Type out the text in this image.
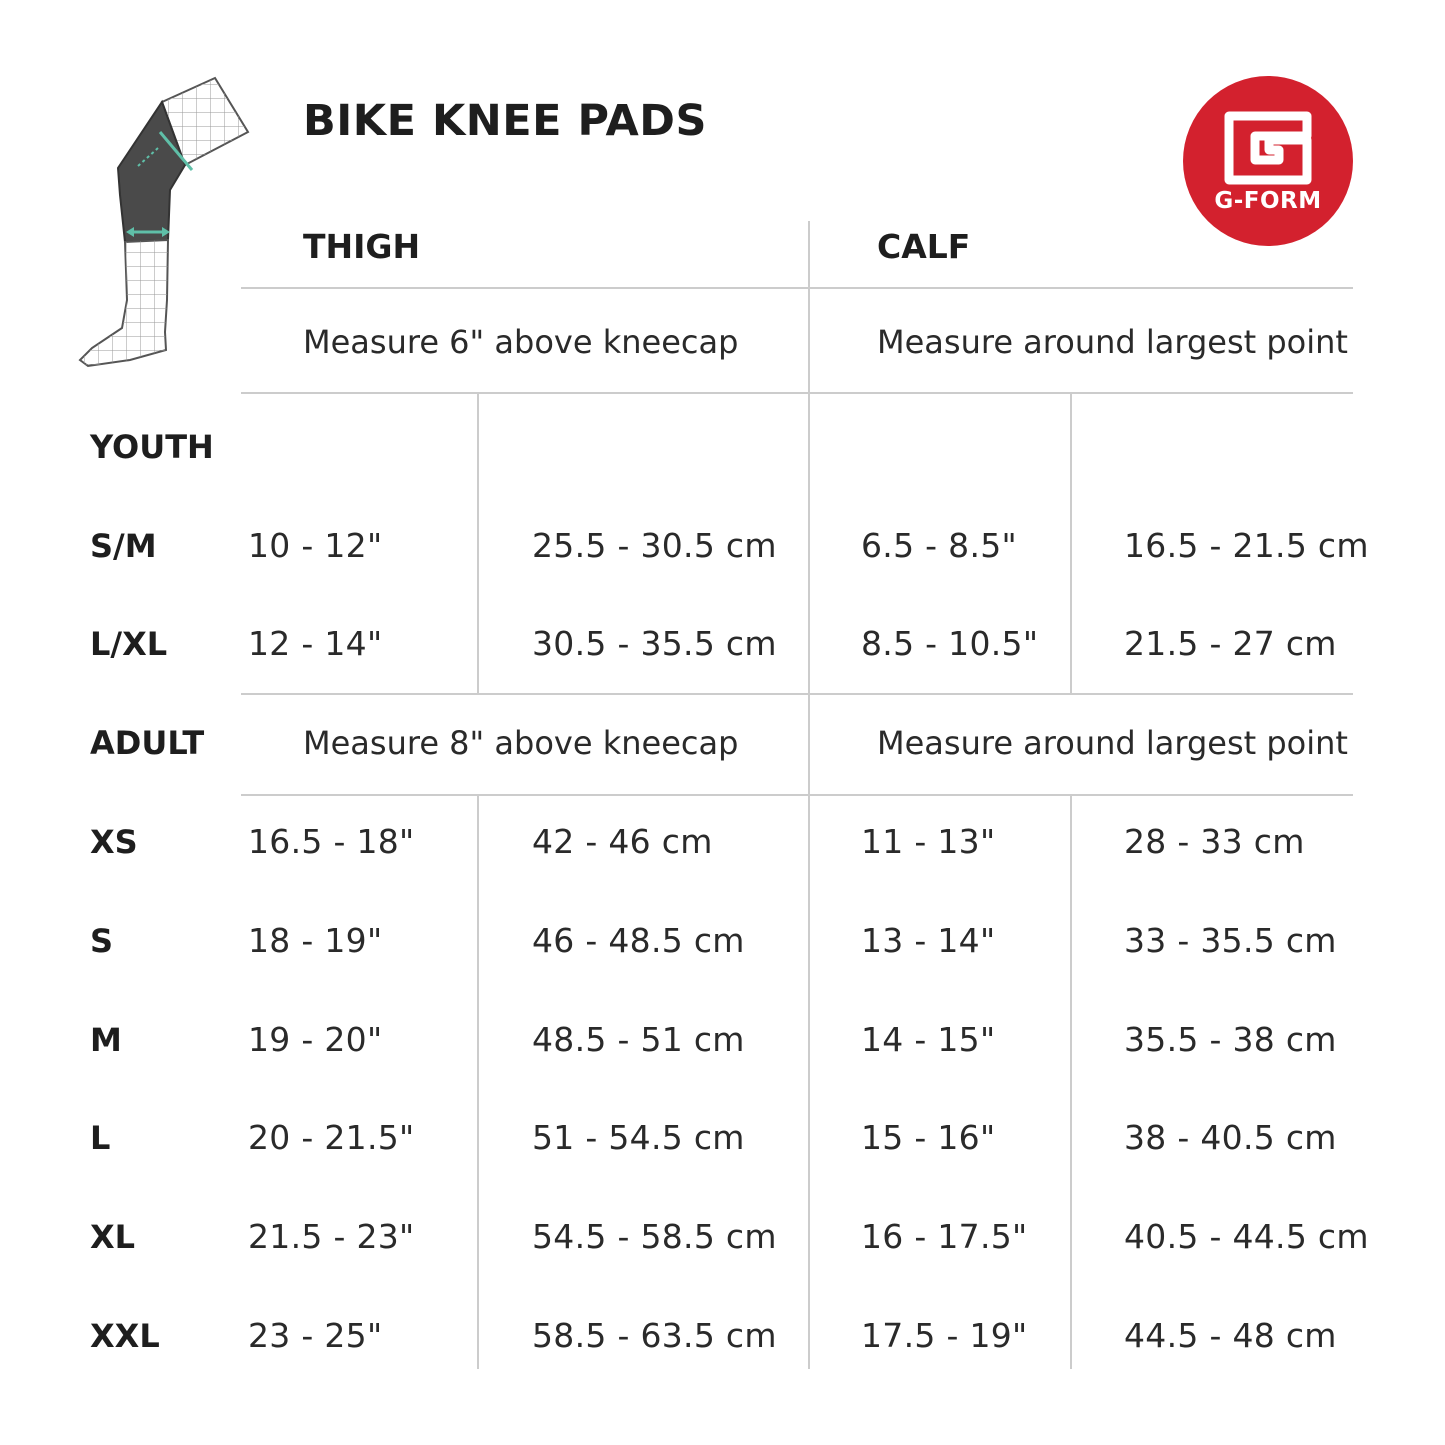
BIKE KNEE PADS
G-FORM
THIGH	CALF
Measure 6" above kneecap	Measure around largest point
YOUTH
S/M	10 - 12"	25.5 - 30.5 cm	6.5 - 8.5"	16.5 - 21.5 cm
L/XL 12 - 14"	30.5 - 35.5 cm	8.5 - 10.5"	21.5 - 27 cm
ADULT	Measure 8" above kneecap	Measure around largest point
XS	16.5 - 18"	42 - 46 cm	11 - 13"	28 - 33 cm
S	18 - 19"	46 - 48.5 cm	13 - 14"	33 - 35.5 cm
M	19 - 20"	48.5 - 51 cm	14 - 15"	35.5 - 38 cm
L	20 - 21.5"	51 - 54.5 cm	15 - 16"	38 - 40.5 cm
XL	21.5 - 23"	54.5 - 58.5 cm	16 - 17.5"	40.5 - 44.5 cm
XXL	23 - 25"	58.5 - 63.5 cm	17.5 - 19"	44.5 - 48 cm
